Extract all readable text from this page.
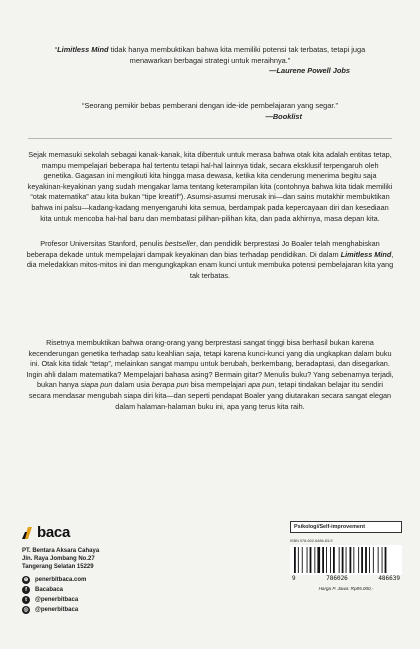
“Limitless Mind tidak hanya membuktikan bahwa kita memiliki potensi tak terbatas, tetapi juga menawarkan berbagai strategi untuk meraihnya.”
—Laurene Powell Jobs
“Seorang pemikir bebas pemberani dengan ide-ide pembelajaran yang segar.”
—Booklist
Sejak memasuki sekolah sebagai kanak-kanak, kita dibentuk untuk merasa bahwa otak kita adalah entitas tetap, mampu mempelajari beberapa hal tertentu tetapi hal-hal lainnya tidak, secara eksklusif terpengaruh oleh genetika. Gagasan ini mengikuti kita hingga masa dewasa, ketika kita cenderung menerima begitu saja keyakinan-keyakinan yang sudah mengakar lama tentang keterampilan kita (contohnya bahwa kita tidak memiliki “otak matematika” atau kita bukan “tipe kreatif”). Asumsi-asumsi merusak ini—dan sains mutakhir membuktikan bahwa ini palsu—kadang-kadang menyengaruhi kita semua, berdampak pada kepercayaan diri dan kesediaan kita untuk mencoba hal-hal baru dan membatasi pilihan-pilihan kita, dan pada akhirnya, masa depan kita.
Profesor Universitas Stanford, penulis bestseller, dan pendidik berprestasi Jo Boaler telah menghabiskan beberapa dekade untuk mempelajari dampak keyakinan dan bias terhadap pendidikan. Di dalam Limitless Mind, dia meledakkan mitos-mitos ini dan mengungkapkan enam kunci untuk membuka potensi pembelajaran kita yang tak terbatas.
Risetnya membuktikan bahwa orang-orang yang berprestasi sangat tinggi bisa berhasil bukan karena kecenderungan genetika terhadap satu keahlian saja, tetapi karena kunci-kunci yang dia ungkapkan dalam buku ini. Otak kita tidak “tetap”, melainkan sangat mampu untuk berubah, berkembang, beradaptasi, dan disegarkan. Ingin ahli dalam matematika? Mempelajari bahasa asing? Bermain gitar? Menulis buku? Yang sebenarnya terjadi, bukan hanya siapa pun dalam usia berapa pun bisa mempelajari apa pun, tetapi tindakan belajar itu sendiri secara mendasar mengubah siapa diri kita—dan seperti pendapat Boaler yang diutarakan secara sangat elegan dalam halaman-halaman buku ini, apa yang terus kita raih.
baca
PT. Bentara Aksara Cahaya
Jln. Raya Jombang No.27
Tangerang Selatan 15229
⊕ penerbitbaca.com
f	Bacabaca
t	@penerbitbaca
◎ @penerbitbaca
Psikologi/Self-improvement
ISBN 978-602-6486-63-9
9	786026	486639
Harga P. Jawa: Rp85.000,-
